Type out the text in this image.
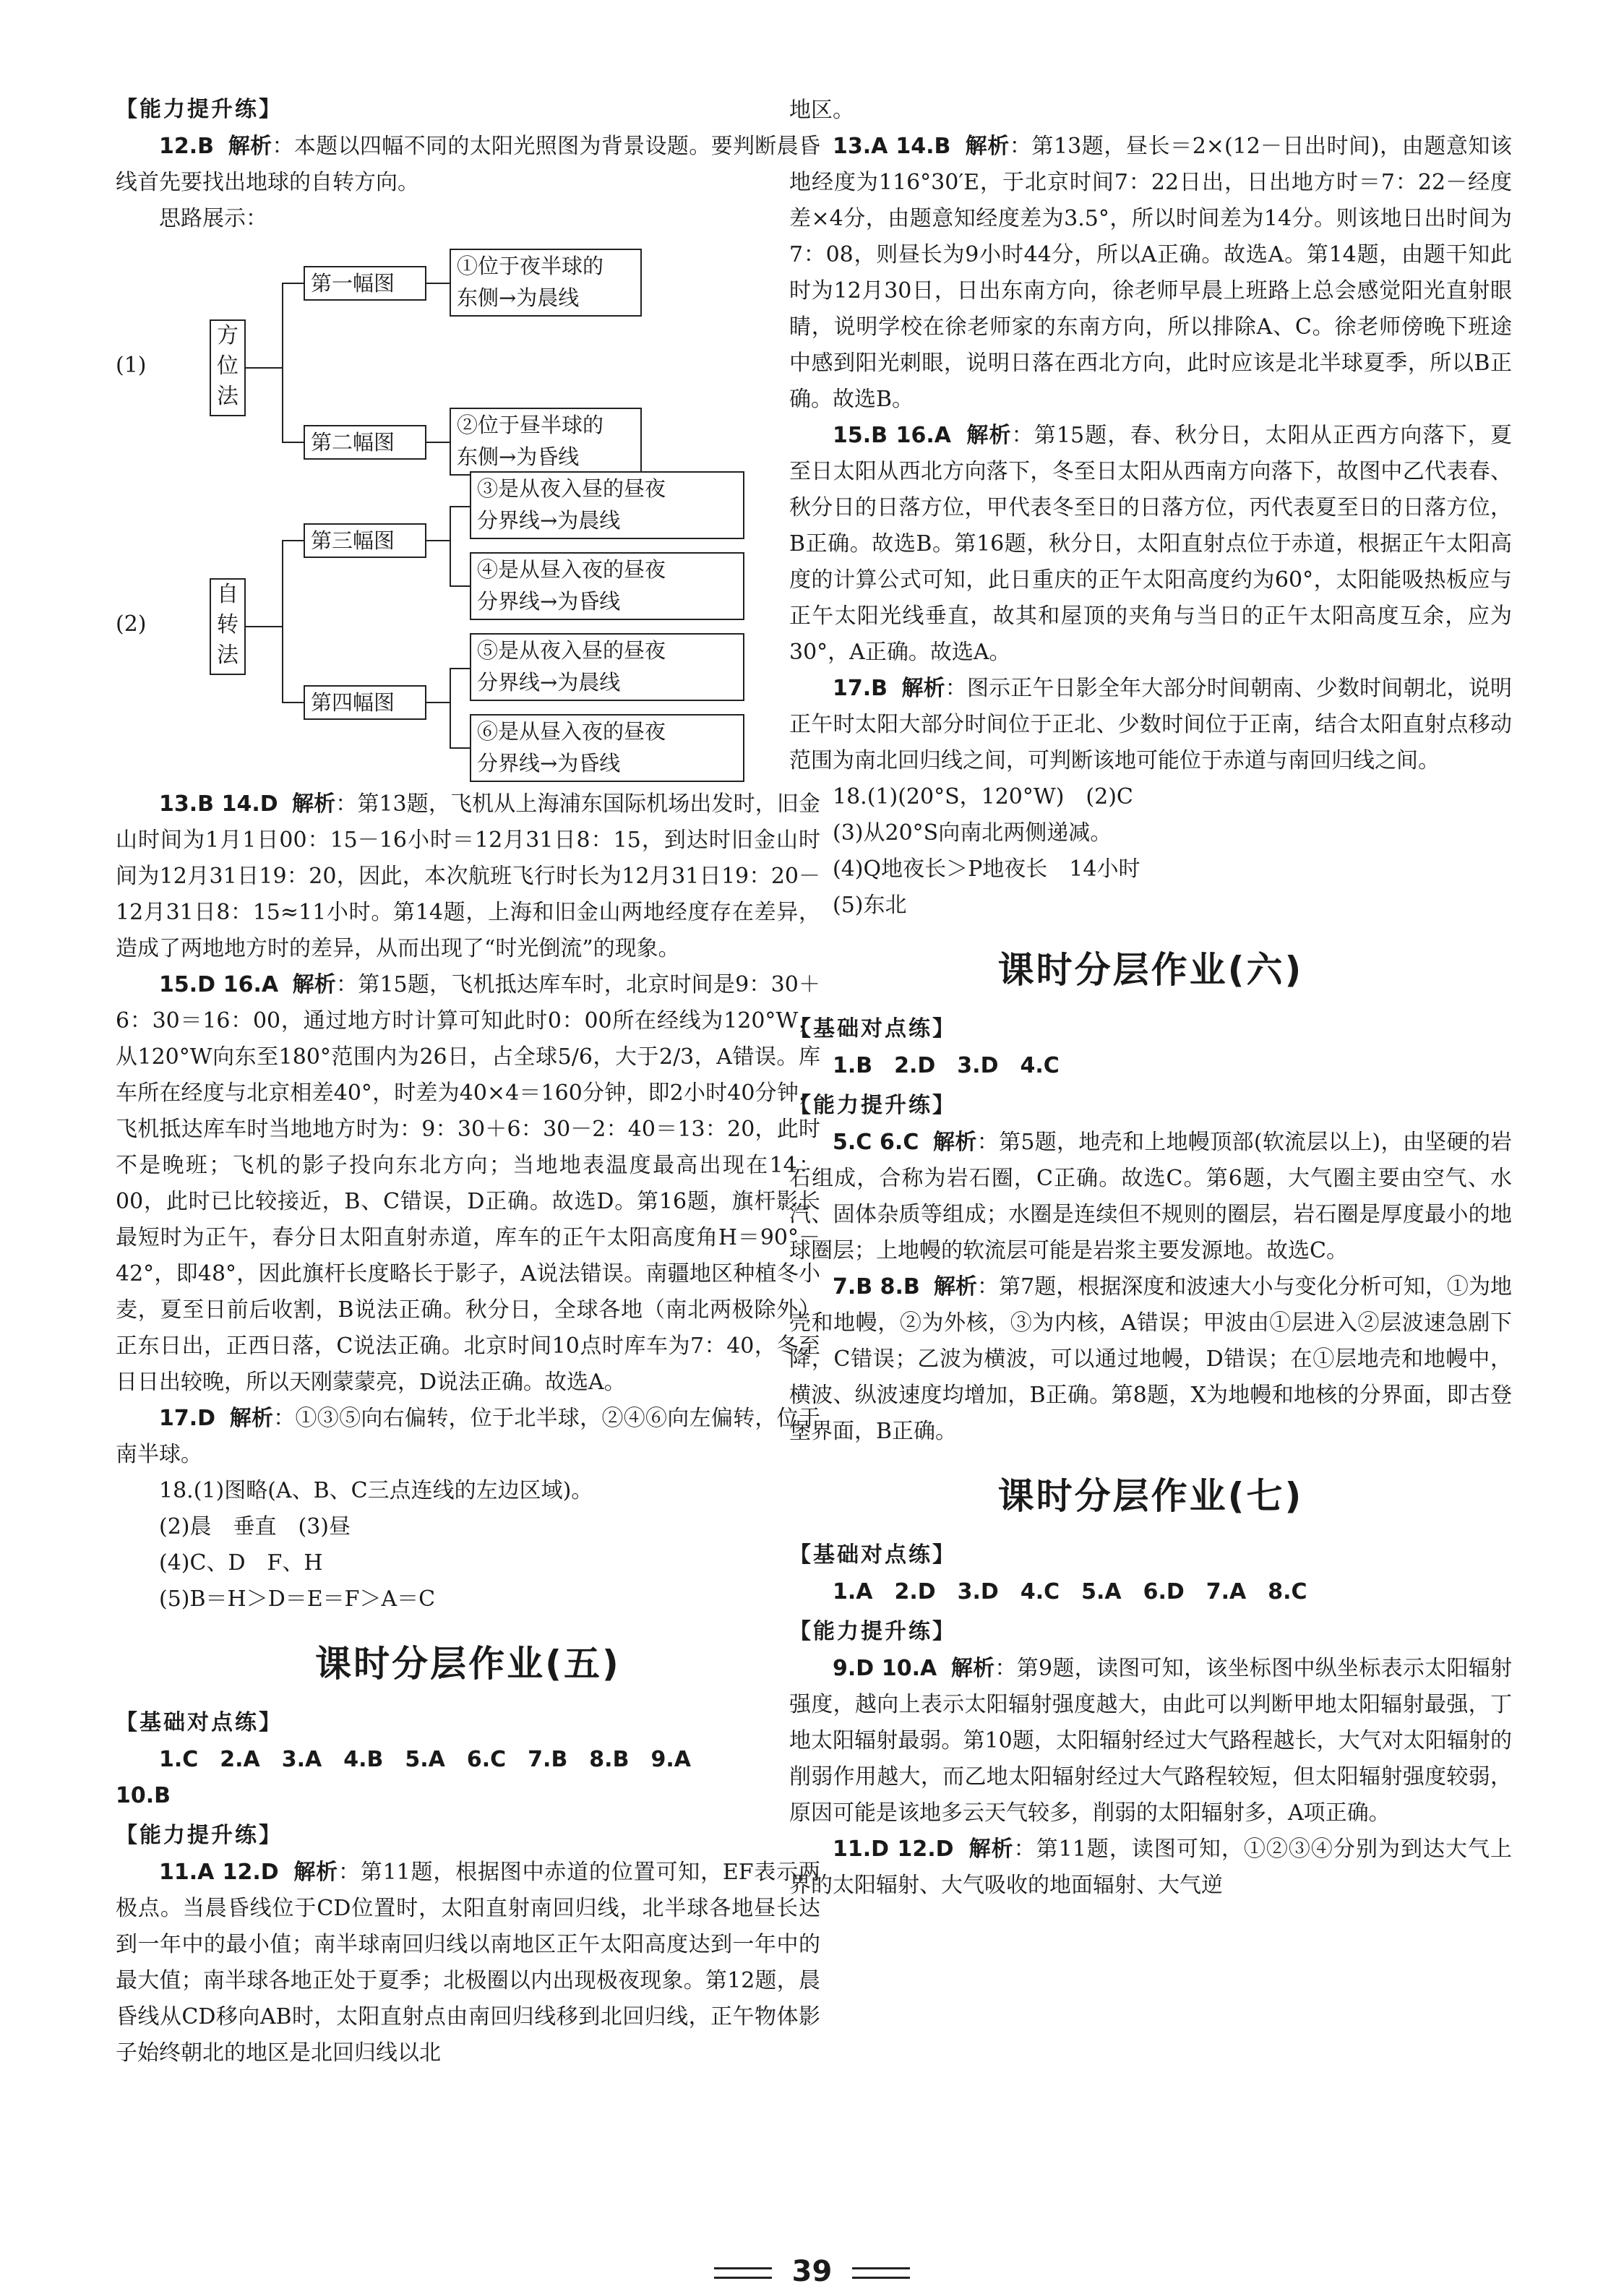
【能力提升练】

12.B 解析：本题以四幅不同的太阳光照图为背景设题。要判断晨昏线首先要找出地球的自转方向。

思路展示：

(1)
方位法
第一幅图
第二幅图
①位于夜半球的
东侧→为晨线
②位于昼半球的
东侧→为昏线
(2)
自转法
第三幅图
第四幅图
③是从夜入昼的昼夜
分界线→为晨线
④是从昼入夜的昼夜
分界线→为昏线
⑤是从夜入昼的昼夜
分界线→为晨线
⑥是从昼入夜的昼夜
分界线→为昏线

13.B 14.D 解析：第13题，飞机从上海浦东国际机场出发时，旧金山时间为1月1日00：15－16小时＝12月31日8：15，到达时旧金山时间为12月31日19：20，因此，本次航班飞行时长为12月31日19：20－12月31日8：15≈11小时。第14题，上海和旧金山两地经度存在差异，造成了两地地方时的差异，从而出现了“时光倒流”的现象。

15.D 16.A 解析：第15题，飞机抵达库车时，北京时间是9：30＋6：30＝16：00，通过地方时计算可知此时0：00所在经线为120°W，从120°W向东至180°范围内为26日，占全球5/6，大于2/3，A错误。库车所在经度与北京相差40°，时差为40×4＝160分钟，即2小时40分钟，飞机抵达库车时当地地方时为：9：30＋6：30－2：40＝13：20，此时不是晚班；飞机的影子投向东北方向；当地地表温度最高出现在14：00，此时已比较接近，B、C错误，D正确。故选D。第16题，旗杆影长最短时为正午，春分日太阳直射赤道，库车的正午太阳高度角H＝90°－42°，即48°，因此旗杆长度略长于影子，A说法错误。南疆地区种植冬小麦，夏至日前后收割，B说法正确。秋分日，全球各地（南北两极除外）正东日出，正西日落，C说法正确。北京时间10点时库车为7：40，冬至日日出较晚，所以天刚蒙蒙亮，D说法正确。故选A。

17.D 解析：①③⑤向右偏转，位于北半球，②④⑥向左偏转，位于南半球。

18.(1)图略(A、B、C三点连线的左边区域)。

(2)晨　垂直　(3)昼

(4)C、D　F、H

(5)B＝H＞D＝E＝F＞A＝C

课时分层作业(五)
【基础对点练】

1.C　2.A　3.A　4.B　5.A　6.C　7.B　8.B　9.A

10.B

【能力提升练】

11.A 12.D 解析：第11题，根据图中赤道的位置可知，EF表示两极点。当晨昏线位于CD位置时，太阳直射南回归线，北半球各地昼长达到一年中的最小值；南半球南回归线以南地区正午太阳高度达到一年中的最大值；南半球各地正处于夏季；北极圈以内出现极夜现象。第12题，晨昏线从CD移向AB时，太阳直射点由南回归线移到北回归线，正午物体影子始终朝北的地区是北回归线以北

地区。

13.A 14.B 解析：第13题，昼长＝2×(12－日出时间)，由题意知该地经度为116°30′E，于北京时间7：22日出，日出地方时＝7：22－经度差×4分，由题意知经度差为3.5°，所以时间差为14分。则该地日出时间为7：08，则昼长为9小时44分，所以A正确。故选A。第14题，由题干知此时为12月30日，日出东南方向，徐老师早晨上班路上总会感觉阳光直射眼睛，说明学校在徐老师家的东南方向，所以排除A、C。徐老师傍晚下班途中感到阳光刺眼，说明日落在西北方向，此时应该是北半球夏季，所以B正确。故选B。

15.B 16.A 解析：第15题，春、秋分日，太阳从正西方向落下，夏至日太阳从西北方向落下，冬至日太阳从西南方向落下，故图中乙代表春、秋分日的日落方位，甲代表冬至日的日落方位，丙代表夏至日的日落方位，B正确。故选B。第16题，秋分日，太阳直射点位于赤道，根据正午太阳高度的计算公式可知，此日重庆的正午太阳高度约为60°，太阳能吸热板应与正午太阳光线垂直，故其和屋顶的夹角与当日的正午太阳高度互余，应为30°，A正确。故选A。

17.B 解析：图示正午日影全年大部分时间朝南、少数时间朝北，说明正午时太阳大部分时间位于正北、少数时间位于正南，结合太阳直射点移动范围为南北回归线之间，可判断该地可能位于赤道与南回归线之间。

18.(1)(20°S，120°W)　(2)C

(3)从20°S向南北两侧递减。

(4)Q地夜长＞P地夜长　14小时

(5)东北

课时分层作业(六)
【基础对点练】

1.B　2.D　3.D　4.C

【能力提升练】

5.C 6.C 解析：第5题，地壳和上地幔顶部(软流层以上)，由坚硬的岩石组成，合称为岩石圈，C正确。故选C。第6题，大气圈主要由空气、水汽、固体杂质等组成；水圈是连续但不规则的圈层，岩石圈是厚度最小的地球圈层；上地幔的软流层可能是岩浆主要发源地。故选C。

7.B 8.B 解析：第7题，根据深度和波速大小与变化分析可知，①为地壳和地幔，②为外核，③为内核，A错误；甲波由①层进入②层波速急剧下降，C错误；乙波为横波，可以通过地幔，D错误；在①层地壳和地幔中，横波、纵波速度均增加，B正确。第8题，X为地幔和地核的分界面，即古登堡界面，B正确。

课时分层作业(七)
【基础对点练】

1.A　2.D　3.D　4.C　5.A　6.D　7.A　8.C

【能力提升练】

9.D 10.A 解析：第9题，读图可知，该坐标图中纵坐标表示太阳辐射强度，越向上表示太阳辐射强度越大，由此可以判断甲地太阳辐射最强，丁地太阳辐射最弱。第10题，太阳辐射经过大气路程越长，大气对太阳辐射的削弱作用越大，而乙地太阳辐射经过大气路程较短，但太阳辐射强度较弱，原因可能是该地多云天气较多，削弱的太阳辐射多，A项正确。

11.D 12.D 解析：第11题，读图可知，①②③④分别为到达大气上界的太阳辐射、大气吸收的地面辐射、大气逆

39
